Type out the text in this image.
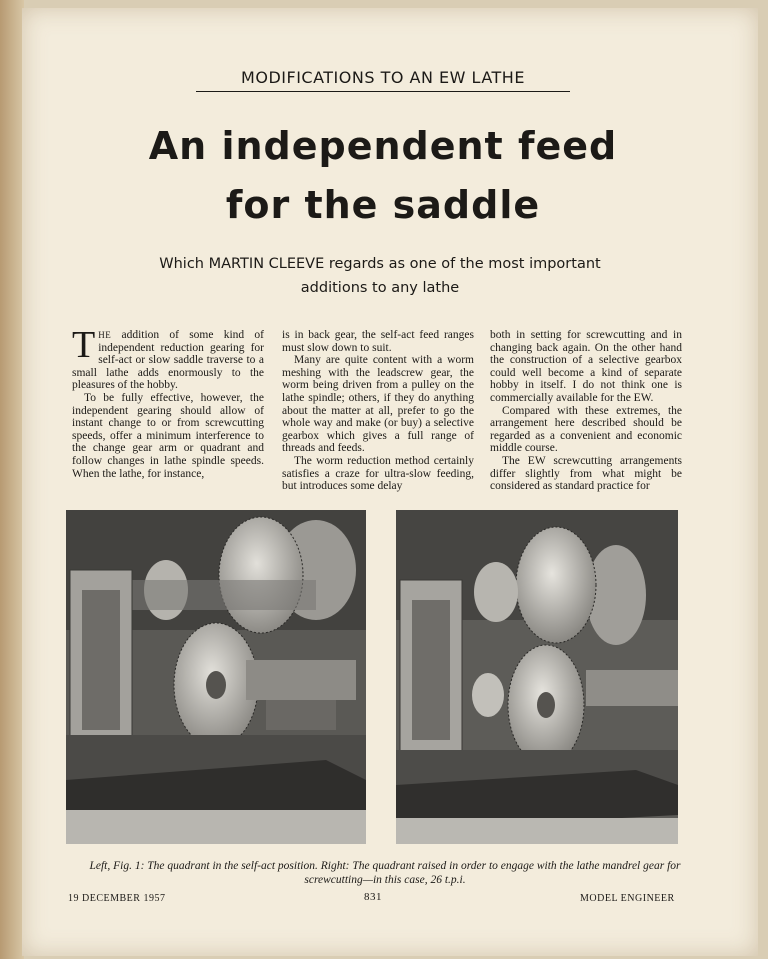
MODIFICATIONS TO AN EW LATHE
An independent feed
for the saddle
Which MARTIN CLEEVE regards as one of the most important
additions to any lathe

THE addition of some kind of independent reduction gearing for self-act or slow saddle traverse to a small lathe adds enormously to the pleasures of the hobby.

To be fully effective, however, the independent gearing should allow of instant change to or from screwcutting speeds, offer a minimum interference to the change gear arm or quadrant and follow changes in lathe spindle speeds. When the lathe, for instance,

is in back gear, the self-act feed ranges must slow down to suit.

Many are quite content with a worm meshing with the leadscrew gear, the worm being driven from a pulley on the lathe spindle; others, if they do anything about the matter at all, prefer to go the whole way and make (or buy) a selective gearbox which gives a full range of threads and feeds.

The worm reduction method certainly satisfies a craze for ultra-slow feeding, but introduces some delay

both in setting for screwcutting and in changing back again. On the other hand the construction of a selective gearbox could well become a kind of separate hobby in itself. I do not think one is commercially available for the EW.

Compared with these extremes, the arrangement here described should be regarded as a convenient and economic middle course.

The EW screwcutting arrangements differ slightly from what might be considered as standard practice for

Left, Fig. 1: The quadrant in the self-act position. Right: The quadrant raised in order to engage with the lathe mandrel gear for screwcutting—in this case, 26 t.p.i.
19 DECEMBER 1957	831	MODEL ENGINEER
